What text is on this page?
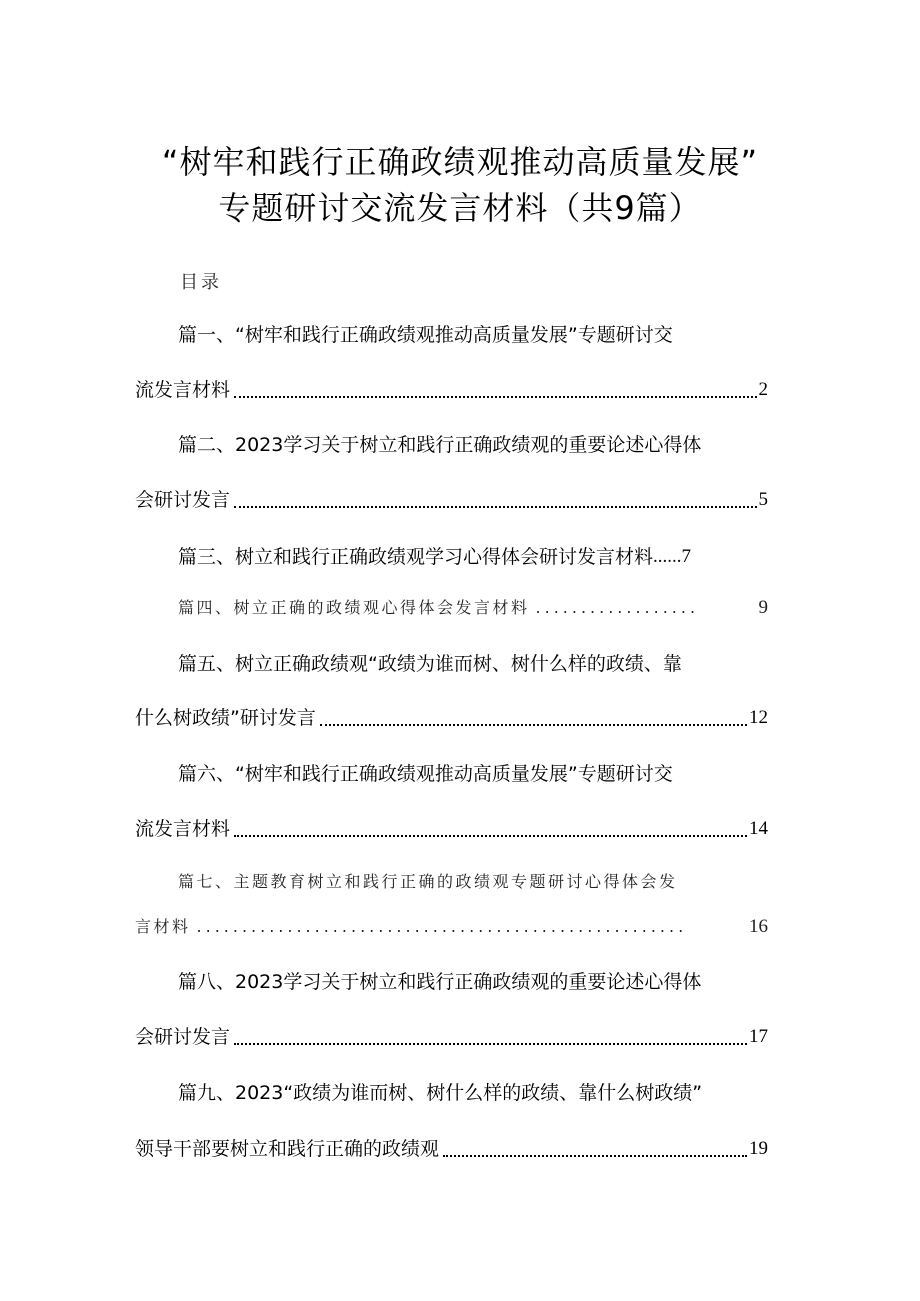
“树牢和践行正确政绩观推动高质量发展”
专题研讨交流发言材料（共9篇）
目录
篇一、“树牢和践行正确政绩观推动高质量发展”专题研讨交
流发言材料	2
篇二、2023学习关于树立和践行正确政绩观的重要论述心得体
会研讨发言	5
篇三、树立和践行正确政绩观学习心得体会研讨发言材料 ...... 7
篇四、树立正确的政绩观心得体会发言材料 ..................	9
篇五、树立正确政绩观“政绩为谁而树、树什么样的政绩、靠
什么树政绩”研讨发言	12
篇六、“树牢和践行正确政绩观推动高质量发展”专题研讨交
流发言材料	14
篇七、主题教育树立和践行正确的政绩观专题研讨心得体会发
言材料 ......................................................	16
篇八、2023学习关于树立和践行正确政绩观的重要论述心得体
会研讨发言	17
篇九、2023“政绩为谁而树、树什么样的政绩、靠什么树政绩”
领导干部要树立和践行正确的政绩观	19
